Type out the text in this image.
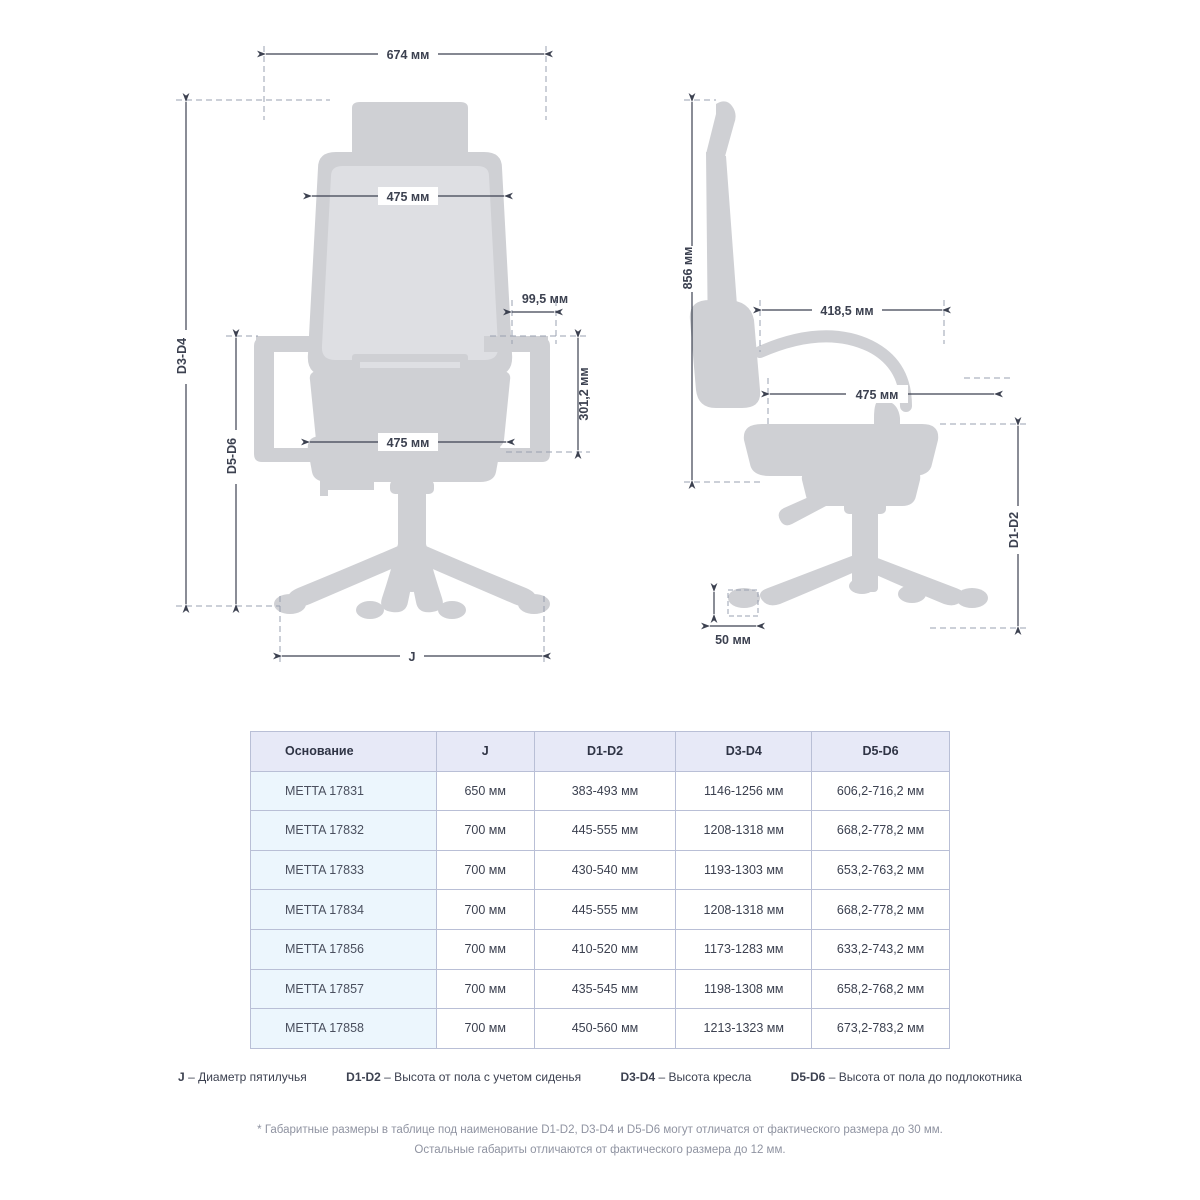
674 мм
475 мм
99,5 мм
475 мм
301,2 мм
D3-D4
D5-D6
J
856 мм
418,5 мм
475 мм
D1-D2
50 мм
Основание	J	D1-D2	D3-D4	D5-D6
METTA 17831	650 мм	383-493 мм	1146-1256 мм	606,2-716,2 мм
METTA 17832	700 мм	445-555 мм	1208-1318 мм	668,2-778,2 мм
METTA 17833	700 мм	430-540 мм	1193-1303 мм	653,2-763,2 мм
METTA 17834	700 мм	445-555 мм	1208-1318 мм	668,2-778,2 мм
METTA 17856	700 мм	410-520 мм	1173-1283 мм	633,2-743,2 мм
METTA 17857	700 мм	435-545 мм	1198-1308 мм	658,2-768,2 мм
METTA 17858	700 мм	450-560 мм	1213-1323 мм	673,2-783,2 мм
J – Диаметр пятилучья	D1-D2 – Высота от пола с учетом сиденья	D3-D4 – Высота кресла	D5-D6 – Высота от пола до подлокотника
* Габаритные размеры в таблице под наименование D1-D2, D3-D4 и D5-D6 могут отличатся от фактического размера до 30 мм.
Остальные габариты отличаются от фактического размера до 12 мм.
